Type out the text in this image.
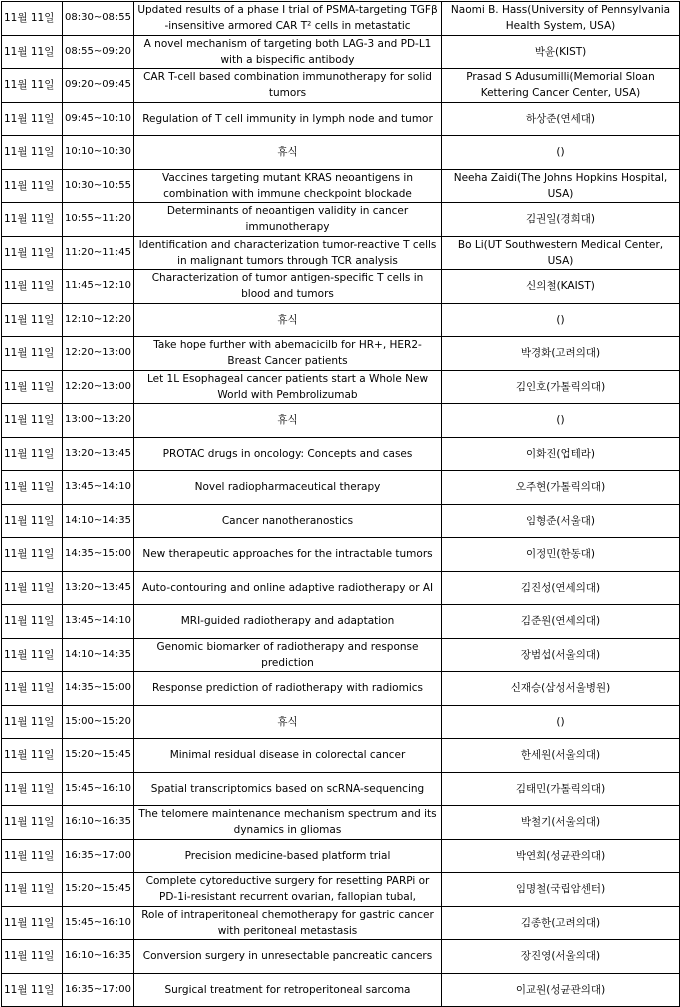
11월 11일	08:30~08:55	Updated results of a phase I trial of PSMA-targeting TGFβ -insensitive armored CAR T² cells in metastatic	Naomi B. Hass(University of Pennsylvania Health System, USA)

11월 11일	08:55~09:20	A novel mechanism of targeting both LAG-3 and PD-L1 with a bispecific antibody	박윤(KIST)

11월 11일	09:20~09:45	CAR T-cell based combination immunotherapy for solid tumors	Prasad S Adusumilli(Memorial Sloan Kettering Cancer Center, USA)

11월 11일	09:45~10:10	Regulation of T cell immunity in lymph node and tumor	하상준(연세대)

11월 11일	10:10~10:30	휴식	()

11월 11일	10:30~10:55	Vaccines targeting mutant KRAS neoantigens in combination with immune checkpoint blockade	Neeha Zaidi(The Johns Hopkins Hospital, USA)

11월 11일	10:55~11:20	Determinants of neoantigen validity in cancer immunotherapy	김권일(경희대)

11월 11일	11:20~11:45	Identification and characterization tumor-reactive T cells in malignant tumors through TCR analysis	Bo Li(UT Southwestern Medical Center, USA)

11월 11일	11:45~12:10	Characterization of tumor antigen-specific T cells in blood and tumors	신의철(KAIST)

11월 11일	12:10~12:20	휴식	()

11월 11일	12:20~13:00	Take hope further with abemacicilb for HR+, HER2- Breast Cancer patients	박경화(고려의대)

11월 11일	12:20~13:00	Let 1L Esophageal cancer patients start a Whole New World with Pembrolizumab	김인호(가톨릭의대)

11월 11일	13:00~13:20	휴식	()

11월 11일	13:20~13:45	PROTAC drugs in oncology: Concepts and cases	이화진(업테라)

11월 11일	13:45~14:10	Novel radiopharmaceutical therapy	오주현(가톨릭의대)

11월 11일	14:10~14:35	Cancer nanotheranostics	임형준(서울대)

11월 11일	14:35~15:00	New therapeutic approaches for the intractable tumors	이정민(한동대)

11월 11일	13:20~13:45	Auto-contouring and online adaptive radiotherapy or AI	김진성(연세의대)

11월 11일	13:45~14:10	MRI-guided radiotherapy and adaptation	김준원(연세의대)

11월 11일	14:10~14:35	Genomic biomarker of radiotherapy and response prediction	장범섭(서울의대)

11월 11일	14:35~15:00	Response prediction of radiotherapy with radiomics	신재승(삼성서울병원)

11월 11일	15:00~15:20	휴식	()

11월 11일	15:20~15:45	Minimal residual disease in colorectal cancer	한세원(서울의대)

11월 11일	15:45~16:10	Spatial transcriptomics based on scRNA-sequencing	김태민(가톨릭의대)

11월 11일	16:10~16:35	The telomere maintenance mechanism spectrum and its dynamics in gliomas	박철기(서울의대)

11월 11일	16:35~17:00	Precision medicine-based platform trial	박연희(성균관의대)

11월 11일	15:20~15:45	Complete cytoreductive surgery for resetting PARPi or PD-1i-resistant recurrent ovarian, fallopian tubal,	임명철(국립암센터)

11월 11일	15:45~16:10	Role of intraperitoneal chemotherapy for gastric cancer with peritoneal metastasis	김종한(고려의대)

11월 11일	16:10~16:35	Conversion surgery in unresectable pancreatic cancers	장진영(서울의대)

11월 11일	16:35~17:00	Surgical treatment for retroperitoneal sarcoma	이교원(성균관의대)
